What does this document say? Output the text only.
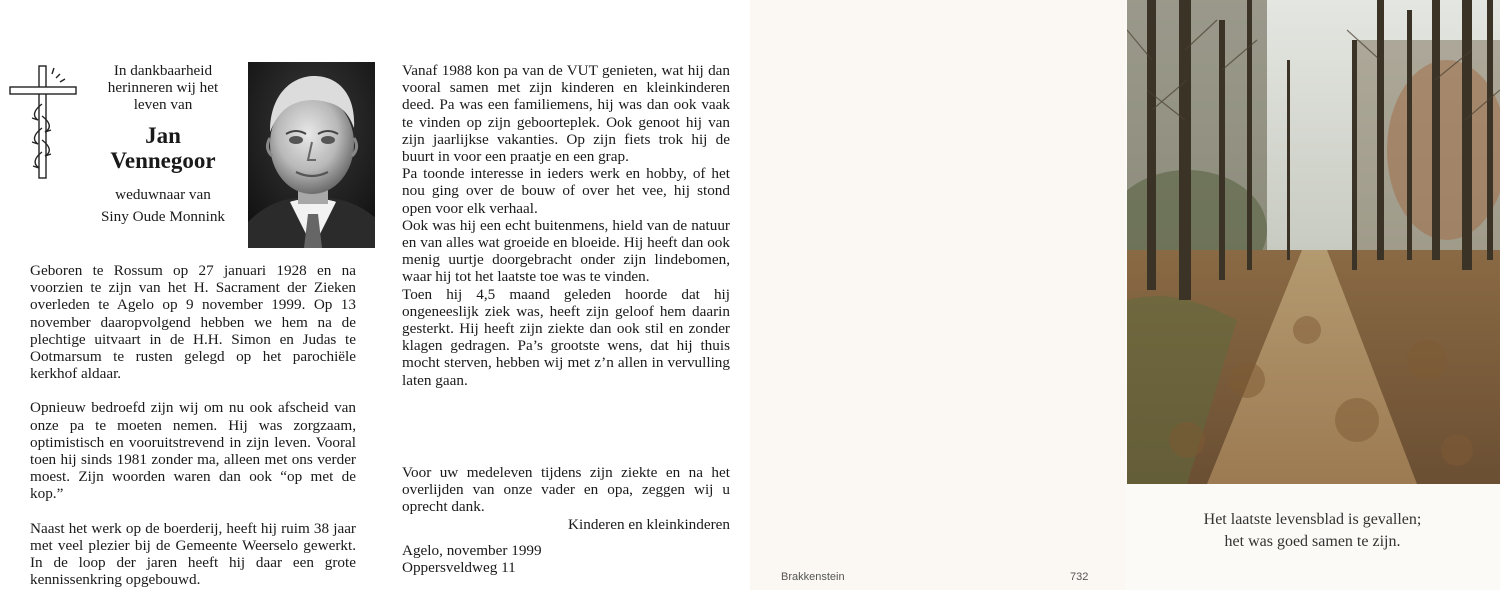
In dankbaarheid
herinneren wij het
leven van
Jan
Vennegoor
weduwnaar van
Siny Oude Monnink

Geboren te Rossum op 27 januari 1928 en na voorzien te zijn van het H. Sacrament der Zieken overleden te Agelo op 9 november 1999. Op 13 november daaropvolgend hebben we hem na de plechtige uitvaart in de H.H. Simon en Judas te Ootmarsum te rusten gelegd op het parochiële kerkhof aldaar.

Opnieuw bedroefd zijn wij om nu ook afscheid van onze pa te moeten nemen. Hij was zorgzaam, optimistisch en vooruitstrevend in zijn leven. Vooral toen hij sinds 1981 zonder ma, alleen met ons verder moest. Zijn woorden waren dan ook “op met de kop.”

Naast het werk op de boerderij, heeft hij ruim 38 jaar met veel plezier bij de Gemeente Weerselo gewerkt. In de loop der jaren heeft hij daar een grote kennissenkring opgebouwd.

Vanaf 1988 kon pa van de VUT genieten, wat hij dan vooral samen met zijn kinderen en kleinkinderen deed. Pa was een familiemens, hij was dan ook vaak te vinden op zijn geboorteplek. Ook genoot hij van zijn jaarlijkse vakanties. Op zijn fiets trok hij de buurt in voor een praatje en een grap.

Pa toonde interesse in ieders werk en hobby, of het nou ging over de bouw of over het vee, hij stond open voor elk verhaal.

Ook was hij een echt buitenmens, hield van de natuur en van alles wat groeide en bloeide. Hij heeft dan ook menig uurtje doorgebracht onder zijn lindebomen, waar hij tot het laatste toe was te vinden.

Toen hij 4,5 maand geleden hoorde dat hij ongeneeslijk ziek was, heeft zijn geloof hem daarin gesterkt. Hij heeft zijn ziekte dan ook stil en zonder klagen gedragen. Pa’s grootste wens, dat hij thuis mocht sterven, hebben wij met z’n allen in vervulling laten gaan.

Voor uw medeleven tijdens zijn ziekte en na het overlijden van onze vader en opa, zeggen wij u oprecht dank.

Kinderen en kleinkinderen
Agelo, november 1999
Oppersveldweg 11
Brakkenstein	732
Het laatste levensblad is gevallen;
het was goed samen te zijn.
